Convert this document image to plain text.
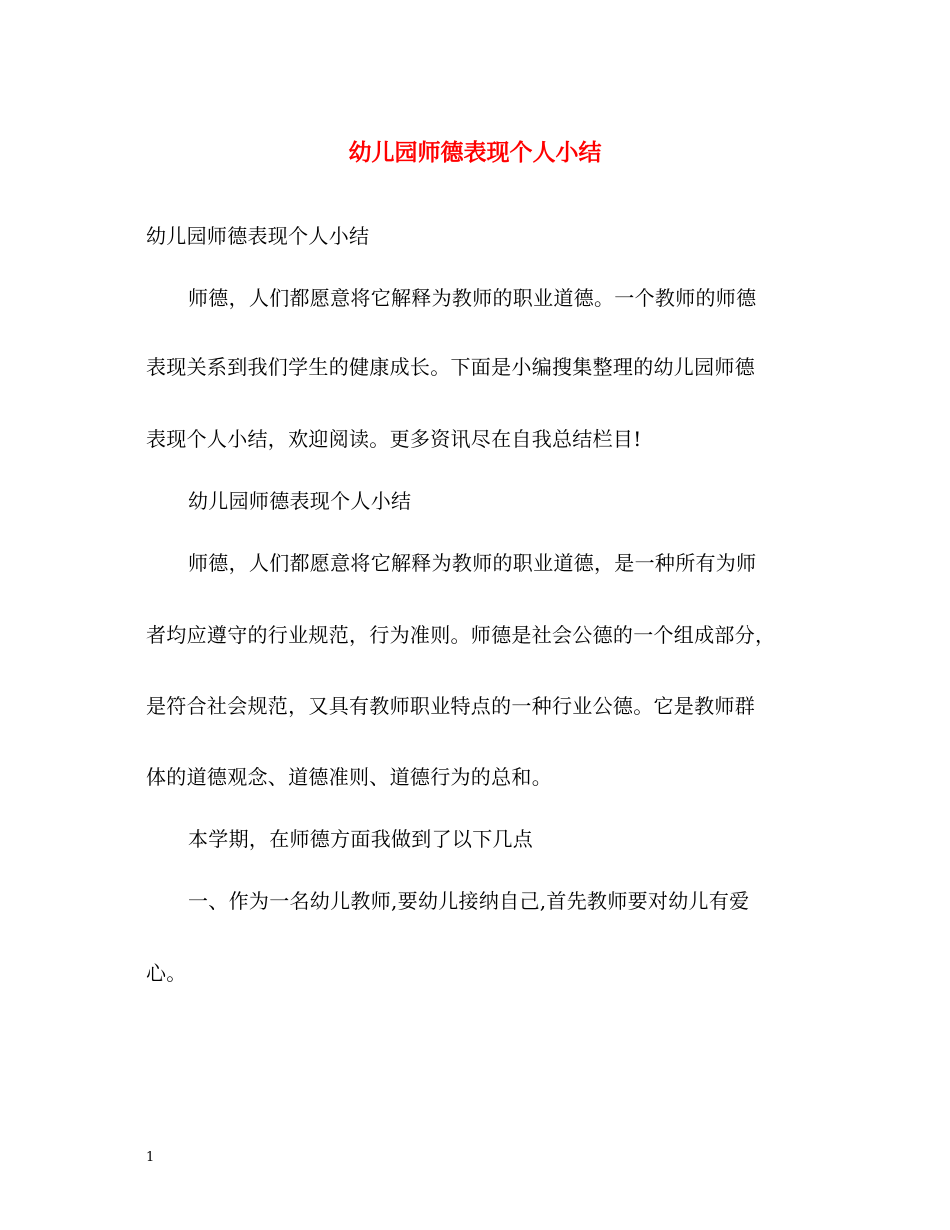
幼儿园师德表现个人小结
幼儿园师德表现个人小结
师德，人们都愿意将它解释为教师的职业道德。一个教师的师德
表现关系到我们学生的健康成长。下面是小编搜集整理的幼儿园师德
表现个人小结，欢迎阅读。更多资讯尽在自我总结栏目!
幼儿园师德表现个人小结
师德，人们都愿意将它解释为教师的职业道德，是一种所有为师
者均应遵守的行业规范，行为准则。师德是社会公德的一个组成部分，
是符合社会规范，又具有教师职业特点的一种行业公德。它是教师群
体的道德观念、道德准则、道德行为的总和。
本学期，在师德方面我做到了以下几点
一、作为一名幼儿教师,要幼儿接纳自己,首先教师要对幼儿有爱
心。
1
